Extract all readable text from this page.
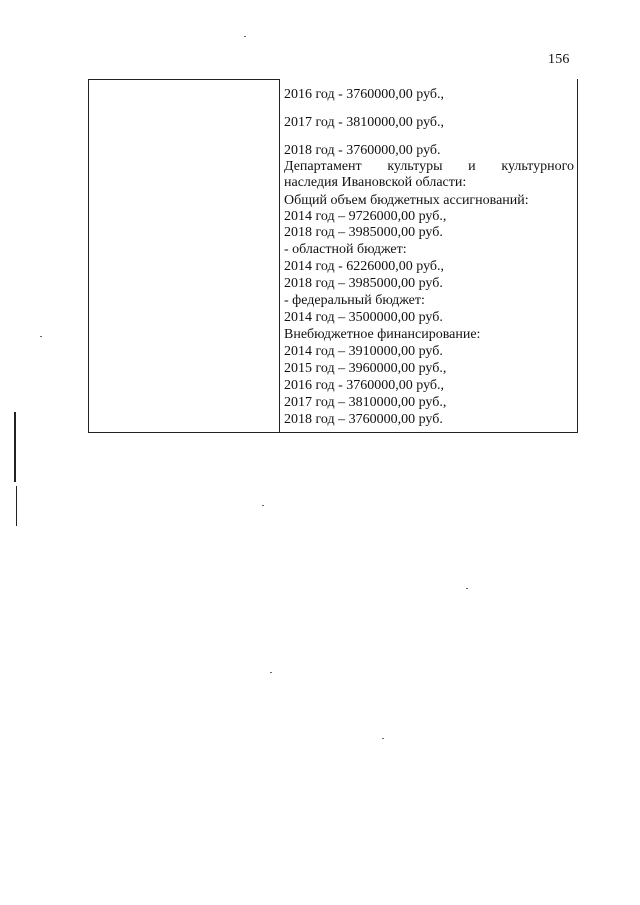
156
2016 год - 3760000,00 руб.,
2017 год - 3810000,00 руб.,
2018 год - 3760000,00 руб.
Департамент культуры и культурного
наследия Ивановской области:
Общий объем бюджетных ассигнований:
2014 год – 9726000,00 руб.,
2018 год – 3985000,00 руб.
- областной бюджет:
2014 год - 6226000,00 руб.,
2018 год – 3985000,00 руб.
- федеральный бюджет:
2014 год – 3500000,00 руб.
Внебюджетное финансирование:
2014 год – 3910000,00 руб.
2015 год – 3960000,00 руб.,
2016 год - 3760000,00 руб.,
2017 год – 3810000,00 руб.,
2018 год – 3760000,00 руб.
